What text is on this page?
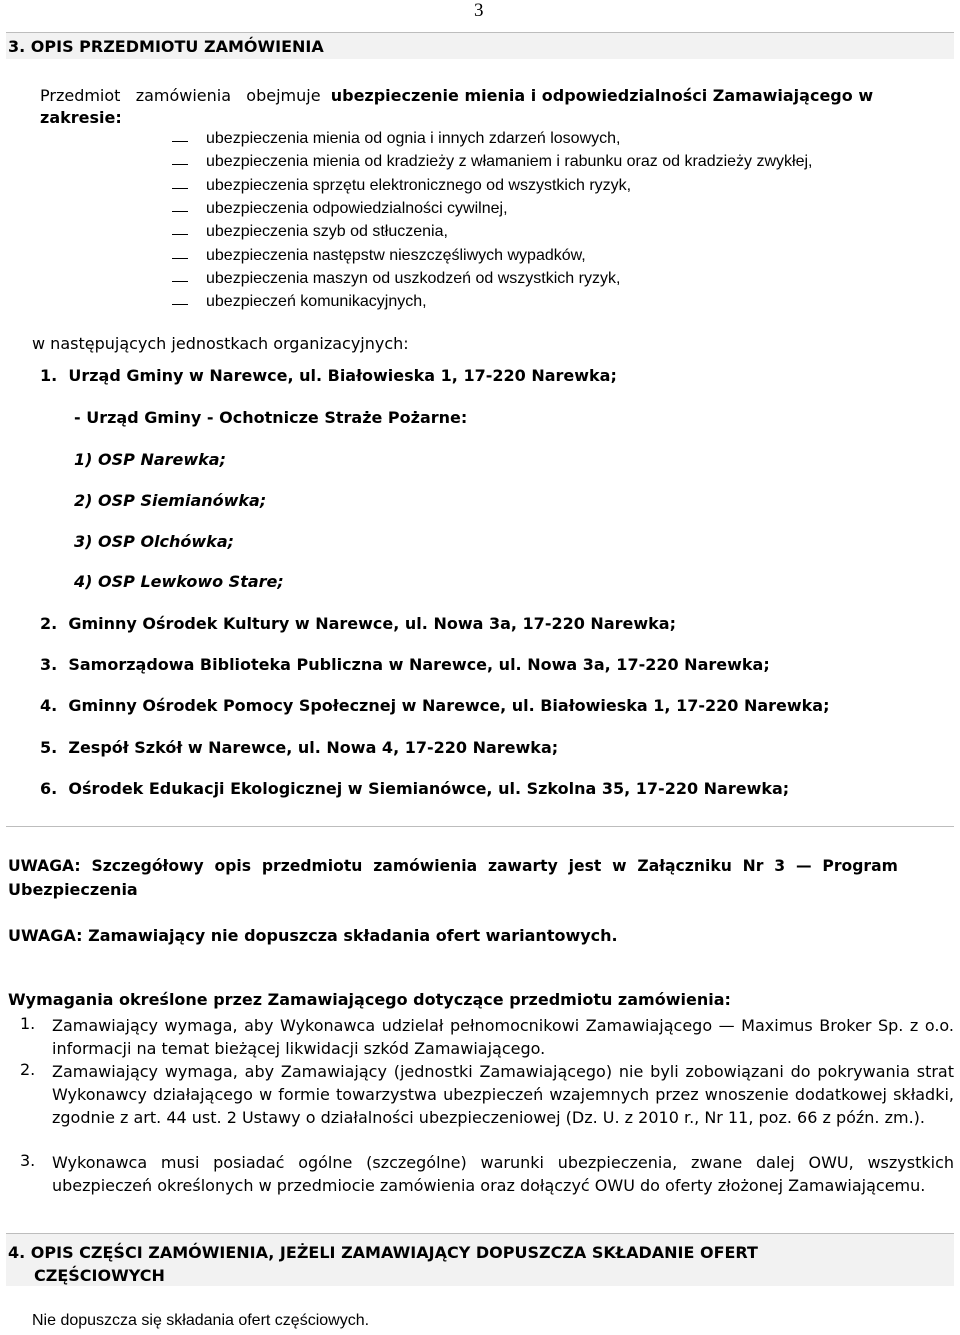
3
3. OPIS PRZEDMIOTU ZAMÓWIENIA

Przedmiot   zamówienia   obejmuje  ubezpieczenie mienia i odpowiedzialności Zamawiającego w zakresie:

ubezpieczenia mienia od ognia i innych zdarzeń losowych,
ubezpieczenia mienia od kradzieży z włamaniem i rabunku oraz od kradzieży zwykłej,
ubezpieczenia sprzętu elektronicznego od wszystkich ryzyk,
ubezpieczenia odpowiedzialności cywilnej,
ubezpieczenia szyb od stłuczenia,
ubezpieczenia następstw nieszczęśliwych wypadków,
ubezpieczenia maszyn od uszkodzeń od wszystkich ryzyk,
ubezpieczeń komunikacyjnych,
w następujących jednostkach organizacyjnych:
1.  Urząd Gminy w Narewce, ul. Białowieska 1, 17-220 Narewka;
- Urząd Gminy - Ochotnicze Straże Pożarne:
1) OSP Narewka;
2) OSP Siemianówka;
3) OSP Olchówka;
4) OSP Lewkowo Stare;
2.  Gminny Ośrodek Kultury w Narewce, ul. Nowa 3a, 17-220 Narewka;
3.  Samorządowa Biblioteka Publiczna w Narewce, ul. Nowa 3a, 17-220 Narewka;
4.  Gminny Ośrodek Pomocy Społecznej w Narewce, ul. Białowieska 1, 17-220 Narewka;
5.  Zespół Szkół w Narewce, ul. Nowa 4, 17-220 Narewka;
6.  Ośrodek Edukacji Ekologicznej w Siemianówce, ul. Szkolna 35, 17-220 Narewka;
UWAGA:  Szczegółowy  opis  przedmiotu  zamówienia  zawarty  jest  w  Załączniku  Nr  3  —  Program
Ubezpieczenia
UWAGA: Zamawiający nie dopuszcza składania ofert wariantowych.
Wymagania określone przez Zamawiającego dotyczące przedmiotu zamówienia:
1. Zamawiający wymaga, aby Wykonawca udzielał pełnomocnikowi Zamawiającego — Maximus Broker Sp. z o.o. informacji na temat bieżącej likwidacji szkód Zamawiającego.
2. Zamawiający wymaga, aby Zamawiający (jednostki Zamawiającego) nie byli zobowiązani do pokrywania strat Wykonawcy działającego w formie towarzystwa ubezpieczeń wzajemnych przez wnoszenie dodatkowej składki, zgodnie z art. 44 ust. 2 Ustawy o działalności ubezpieczeniowej (Dz. U. z 2010 r., Nr 11, poz. 66 z późn. zm.).
3. Wykonawca musi posiadać ogólne (szczególne) warunki ubezpieczenia, zwane dalej OWU, wszystkich ubezpieczeń określonych w przedmiocie zamówienia oraz dołączyć OWU do oferty złożonej Zamawiającemu.
4. OPIS CZĘŚCI ZAMÓWIENIA, JEŻELI ZAMAWIAJĄCY DOPUSZCZA SKŁADANIE OFERT
CZĘŚCIOWYCH
Nie dopuszcza się składania ofert częściowych.
